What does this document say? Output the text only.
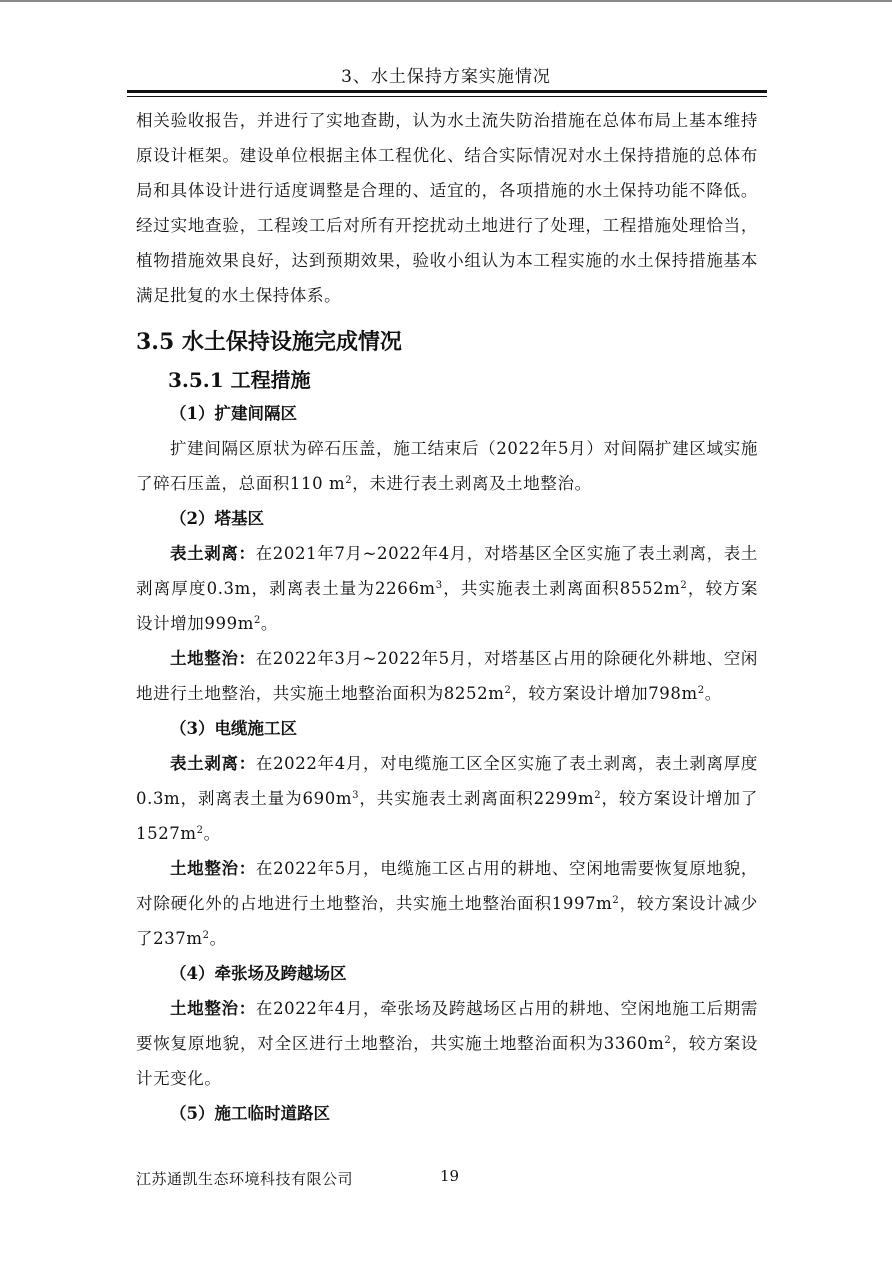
3、水土保持方案实施情况

相关验收报告，并进行了实地查勘，认为水土流失防治措施在总体布局上基本维持原设计框架。建设单位根据主体工程优化、结合实际情况对水土保持措施的总体布局和具体设计进行适度调整是合理的、适宜的，各项措施的水土保持功能不降低。经过实地查验，工程竣工后对所有开挖扰动土地进行了处理，工程措施处理恰当，植物措施效果良好，达到预期效果，验收小组认为本工程实施的水土保持措施基本满足批复的水土保持体系。

3.5 水土保持设施完成情况
3.5.1 工程措施
（1）扩建间隔区

扩建间隔区原状为碎石压盖，施工结束后（2022年5月）对间隔扩建区域实施了碎石压盖，总面积110 $m^2$，未进行表土剥离及土地整治。

（2）塔基区

表土剥离：在2021年7月~2022年4月，对塔基区全区实施了表土剥离，表土剥离厚度0.3m，剥离表土量为$2266m^3$，共实施表土剥离面积$8552m^2$，较方案设计增加$999m^2$。

土地整治：在2022年3月~2022年5月，对塔基区占用的除硬化外耕地、空闲地进行土地整治，共实施土地整治面积为$8252m^2$，较方案设计增加$798m^2$。

（3）电缆施工区

表土剥离：在2022年4月，对电缆施工区全区实施了表土剥离，表土剥离厚度0.3m，剥离表土量为$690m^3$，共实施表土剥离面积$2299m^2$，较方案设计增加了$1527m^2$。

土地整治：在2022年5月，电缆施工区占用的耕地、空闲地需要恢复原地貌，对除硬化外的占地进行土地整治，共实施土地整治面积$1997m^2$，较方案设计减少了$237m^2$。

（4）牵张场及跨越场区

土地整治：在2022年4月，牵张场及跨越场区占用的耕地、空闲地施工后期需要恢复原地貌，对全区进行土地整治，共实施土地整治面积为$3360m^2$，较方案设计无变化。

（5）施工临时道路区
江苏通凯生态环境科技有限公司	19
